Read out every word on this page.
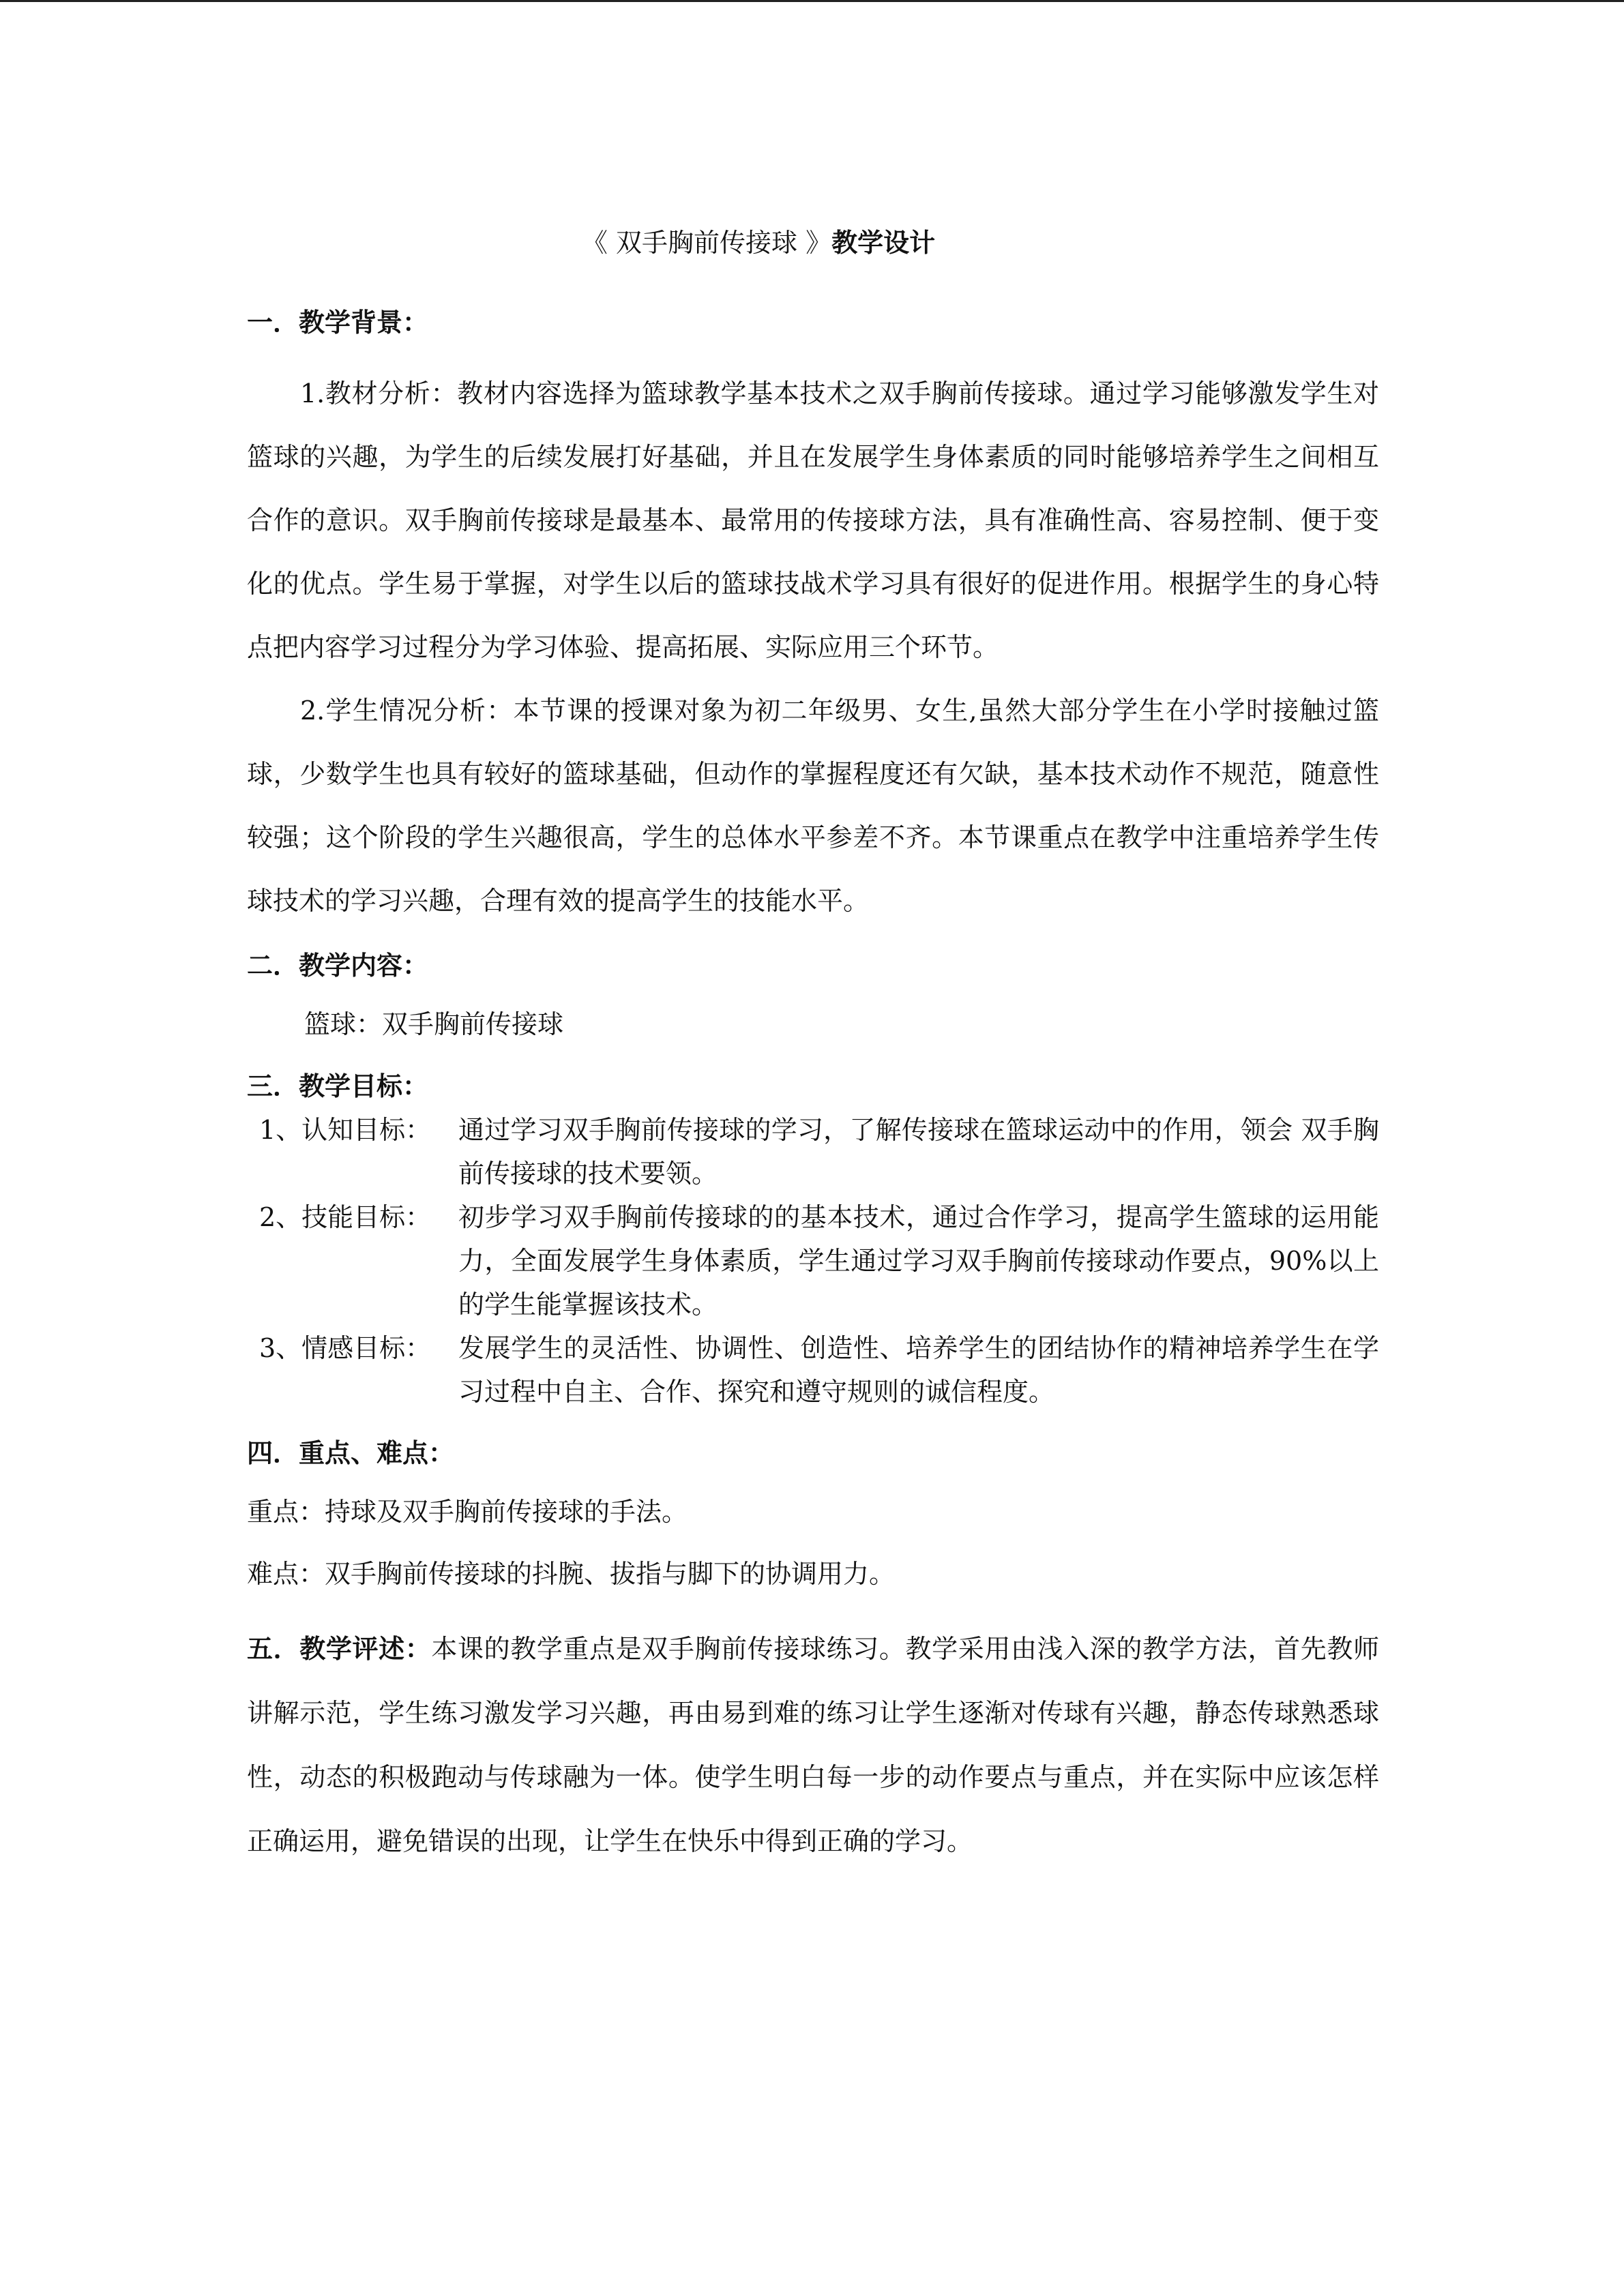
《 双手胸前传接球 》教学设计
一．教学背景：

1.教材分析：教材内容选择为篮球教学基本技术之双手胸前传接球。通过学习能够激发学生对篮球的兴趣，为学生的后续发展打好基础，并且在发展学生身体素质的同时能够培养学生之间相互合作的意识。双手胸前传接球是最基本、最常用的传接球方法，具有准确性高、容易控制、便于变化的优点。学生易于掌握，对学生以后的篮球技战术学习具有很好的促进作用。根据学生的身心特点把内容学习过程分为学习体验、提高拓展、实际应用三个环节。

2.学生情况分析：本节课的授课对象为初二年级男、女生,虽然大部分学生在小学时接触过篮球，少数学生也具有较好的篮球基础，但动作的掌握程度还有欠缺，基本技术动作不规范，随意性较强；这个阶段的学生兴趣很高，学生的总体水平参差不齐。本节课重点在教学中注重培养学生传球技术的学习兴趣，合理有效的提高学生的技能水平。

二．教学内容：
篮球：双手胸前传接球
三．教学目标：
1、认知目标：	通过学习双手胸前传接球的学习，了解传接球在篮球运动中的作用，领会 双手胸前传接球的技术要领。
2、技能目标：	初步学习双手胸前传接球的的基本技术，通过合作学习，提高学生篮球的运用能力，全面发展学生身体素质，学生通过学习双手胸前传接球动作要点，90%以上的学生能掌握该技术。
3、情感目标：	发展学生的灵活性、协调性、创造性、培养学生的团结协作的精神培养学生在学习过程中自主、合作、探究和遵守规则的诚信程度。
四．重点、难点：
重点：持球及双手胸前传接球的手法。
难点：双手胸前传接球的抖腕、拔指与脚下的协调用力。

五．教学评述：本课的教学重点是双手胸前传接球练习。教学采用由浅入深的教学方法，首先教师讲解示范，学生练习激发学习兴趣，再由易到难的练习让学生逐渐对传球有兴趣，静态传球熟悉球性，动态的积极跑动与传球融为一体。使学生明白每一步的动作要点与重点，并在实际中应该怎样正确运用，避免错误的出现，让学生在快乐中得到正确的学习。
